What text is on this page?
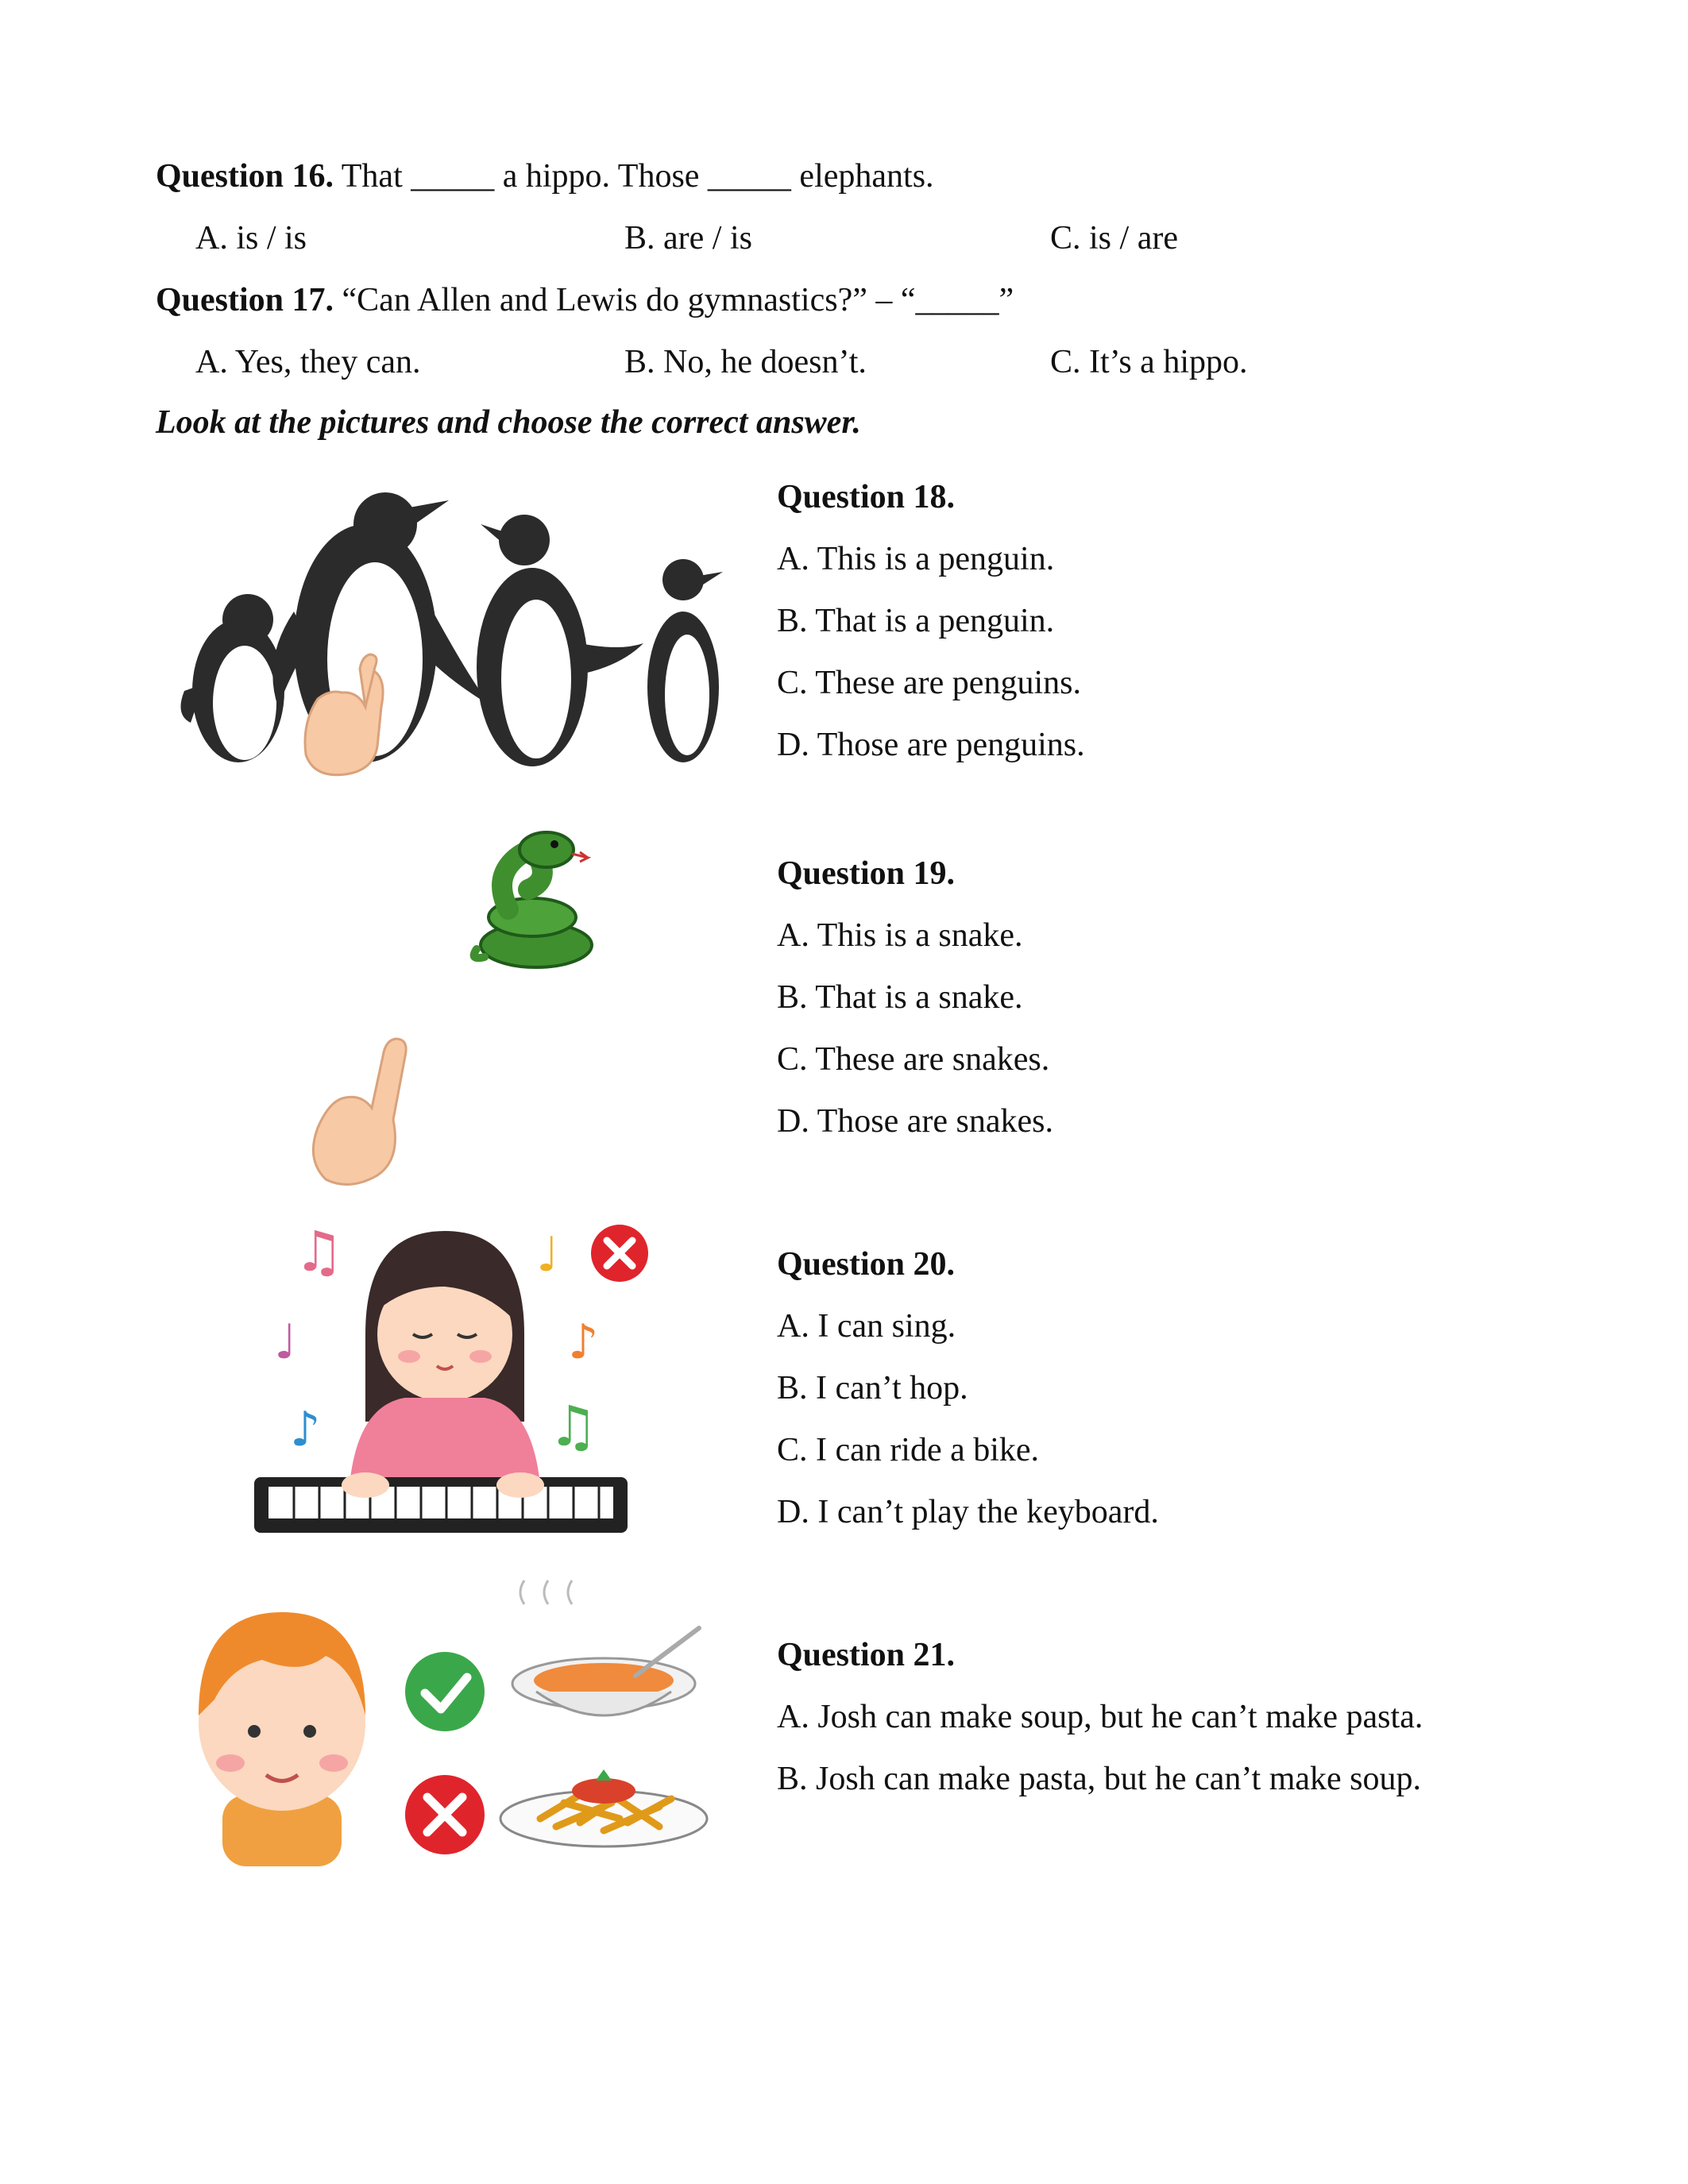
Question 16. That _____ a hippo. Those _____ elephants.
A. is / is	B. are / is	C. is / are
Question 17. “Can Allen and Lewis do gymnastics?” – “_____”
A. Yes, they can.	B. No, he doesn’t.	C. It’s a hippo.
Look at the pictures and choose the correct answer.
Question 18.
A. This is a penguin.
B. That is a penguin.
C. These are penguins.
D. Those are penguins.
Question 19.
A. This is a snake.
B. That is a snake.
C. These are snakes.
D. Those are snakes.
♫
♩
♪
♩
♪
♫
Question 20.
A. I can sing.
B. I can’t hop.
C. I can ride a bike.
D. I can’t play the keyboard.
Question 21.
A. Josh can make soup, but he can’t make pasta.
B. Josh can make pasta, but he can’t make soup.
